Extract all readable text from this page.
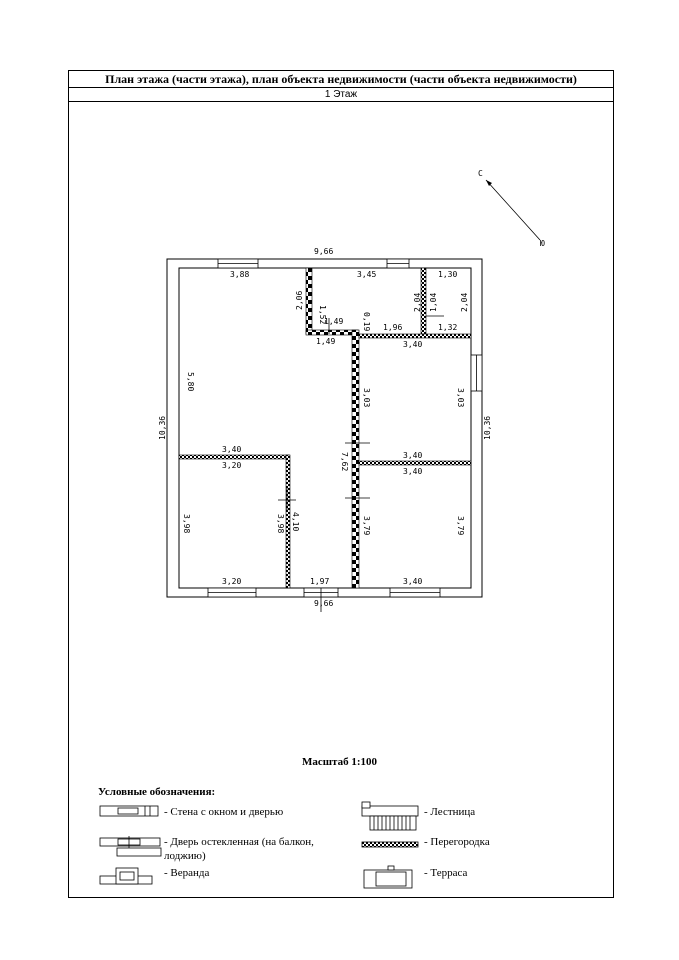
План этажа (части этажа), план объекта недвижимости (части объекта недвижимости)
1 Этаж
С
Ю
9,66
9,66
10,36	10,36
3,88
5,80
3,40
3,45
2,06
1,52
1,49
1,49
1,30
2,04 1,04	2,04
1,32
1,96
0,19
7,62
1,97
3,40
3,03	3,03
3,40
3,20
3,98	3,98 4,10
3,20
3,40
3,79	3,79
3,40
Масштаб 1:100
Условные обозначения:
- Стена с окном и дверью
- Дверь остекленная (на балкон,
лоджию)
- Веранда
- Лестница
- Перегородка
- Терраса
